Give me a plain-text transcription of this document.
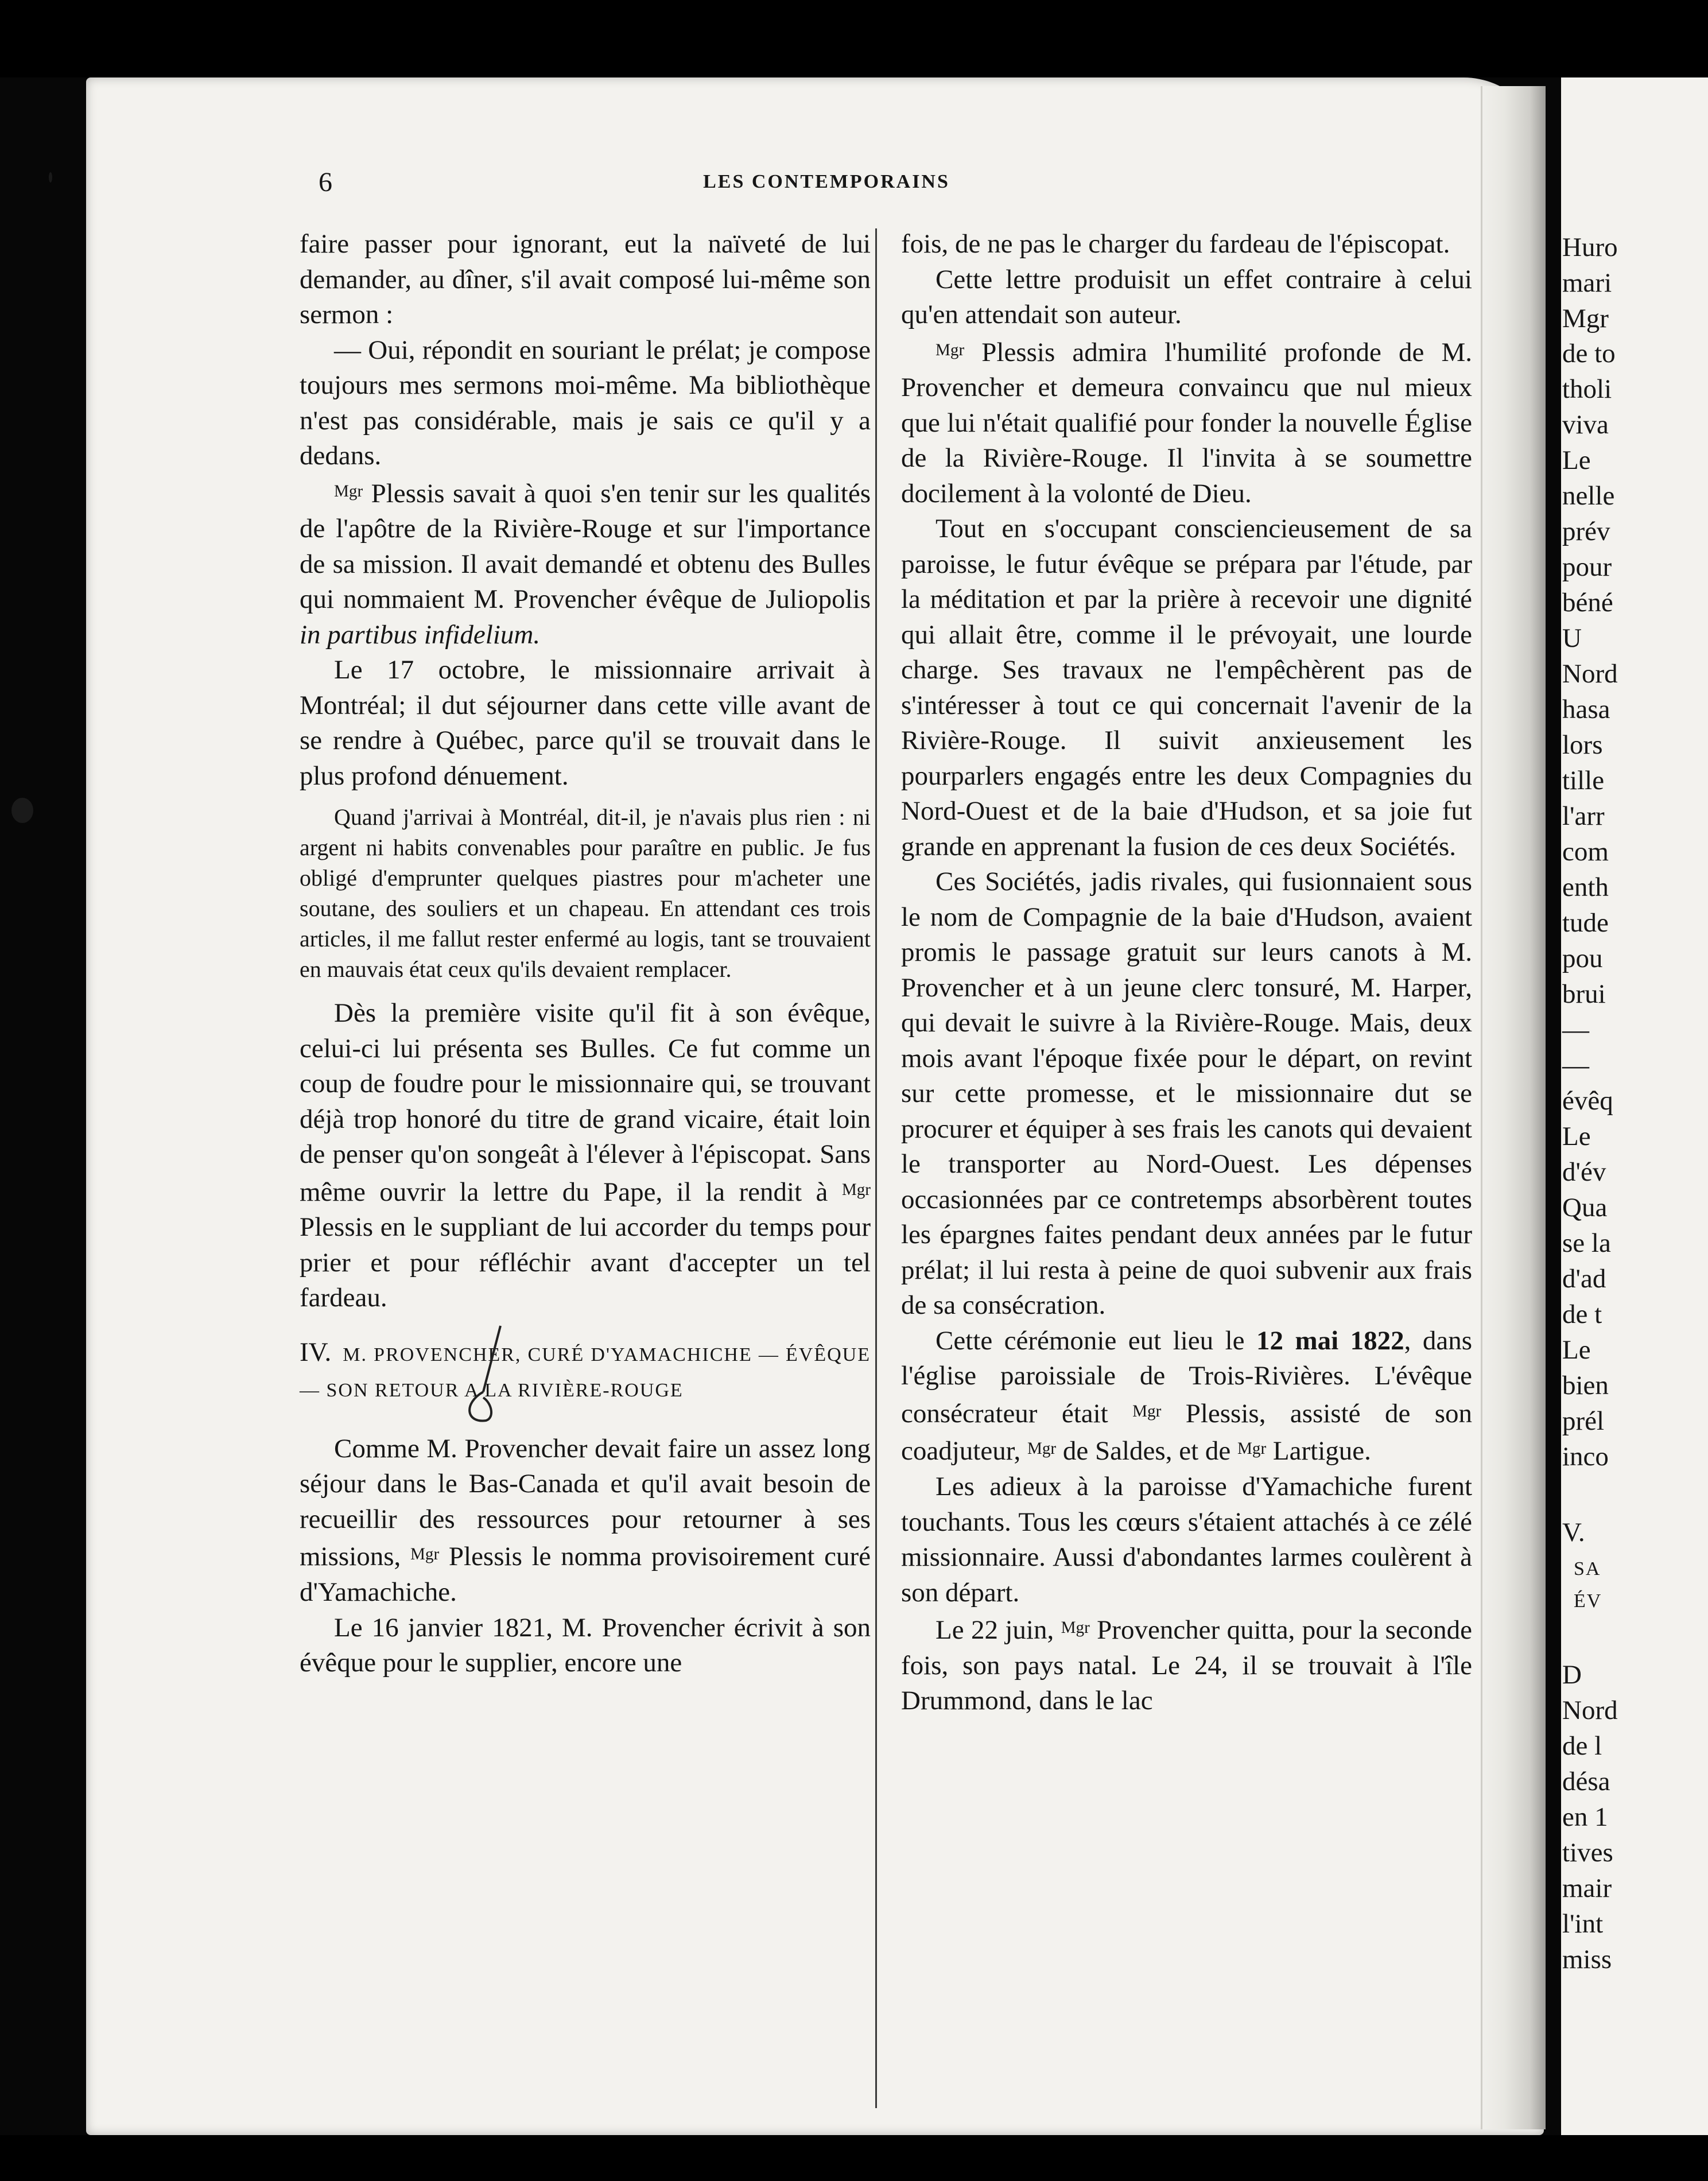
6	LES CONTEMPORAINS

faire passer pour ignorant, eut la naïveté de lui demander, au dîner, s'il avait composé lui-même son sermon :

— Oui, répondit en souriant le prélat; je compose toujours mes sermons moi-même. Ma bibliothèque n'est pas considérable, mais je sais ce qu'il y a dedans.

$^{Mgr}$ Plessis savait à quoi s'en tenir sur les qualités de l'apôtre de la Rivière-Rouge et sur l'importance de sa mission. Il avait demandé et obtenu des Bulles qui nommaient M. Provencher évêque de Juliopolis in partibus infidelium.

Le 17 octobre, le missionnaire arrivait à Montréal; il dut séjourner dans cette ville avant de se rendre à Québec, parce qu'il se trouvait dans le plus profond dénuement.

Quand j'arrivai à Montréal, dit-il, je n'avais plus rien : ni argent ni habits convenables pour paraître en public. Je fus obligé d'emprunter quelques piastres pour m'acheter une soutane, des souliers et un chapeau. En attendant ces trois articles, il me fallut rester enfermé au logis, tant se trouvaient en mauvais état ceux qu'ils devaient remplacer.

Dès la première visite qu'il fit à son évêque, celui-ci lui présenta ses Bulles. Ce fut comme un coup de foudre pour le missionnaire qui, se trouvant déjà trop honoré du titre de grand vicaire, était loin de penser qu'on songeât à l'élever à l'épiscopat. Sans même ouvrir la lettre du Pape, il la rendit à $^{Mgr}$ Plessis en le suppliant de lui accorder du temps pour prier et pour réfléchir avant d'accepter un tel fardeau.

IV. M. PROVENCHER, CURÉ D'YAMACHICHE — ÉVÊQUE — SON RETOUR A LA RIVIÈRE-ROUGE

Comme M. Provencher devait faire un assez long séjour dans le Bas-Canada et qu'il avait besoin de recueillir des ressources pour retourner à ses missions, $^{Mgr}$ Plessis le nomma provisoirement curé d'Yamachiche.

Le 16 janvier 1821, M. Provencher écrivit à son évêque pour le supplier, encore une

fois, de ne pas le charger du fardeau de l'épiscopat.

Cette lettre produisit un effet contraire à celui qu'en attendait son auteur.

$^{Mgr}$ Plessis admira l'humilité profonde de M. Provencher et demeura convaincu que nul mieux que lui n'était qualifié pour fonder la nouvelle Église de la Rivière-Rouge. Il l'invita à se soumettre docilement à la volonté de Dieu.

Tout en s'occupant consciencieusement de sa paroisse, le futur évêque se prépara par l'étude, par la méditation et par la prière à recevoir une dignité qui allait être, comme il le prévoyait, une lourde charge. Ses travaux ne l'empêchèrent pas de s'intéresser à tout ce qui concernait l'avenir de la Rivière-Rouge. Il suivit anxieusement les pourparlers engagés entre les deux Compagnies du Nord-Ouest et de la baie d'Hudson, et sa joie fut grande en apprenant la fusion de ces deux Sociétés.

Ces Sociétés, jadis rivales, qui fusionnaient sous le nom de Compagnie de la baie d'Hudson, avaient promis le passage gratuit sur leurs canots à M. Provencher et à un jeune clerc tonsuré, M. Harper, qui devait le suivre à la Rivière-Rouge. Mais, deux mois avant l'époque fixée pour le départ, on revint sur cette promesse, et le missionnaire dut se procurer et équiper à ses frais les canots qui devaient le transporter au Nord-Ouest. Les dépenses occasionnées par ce contretemps absorbèrent toutes les épargnes faites pendant deux années par le futur prélat; il lui resta à peine de quoi subvenir aux frais de sa consécration.

Cette cérémonie eut lieu le 12 mai 1822, dans l'église paroissiale de Trois-Rivières. L'évêque consécrateur était $^{Mgr}$ Plessis, assisté de son coadjuteur, $^{Mgr}$ de Saldes, et de $^{Mgr}$ Lartigue.

Les adieux à la paroisse d'Yamachiche furent touchants. Tous les cœurs s'étaient attachés à ce zélé missionnaire. Aussi d'abondantes larmes coulèrent à son départ.

Le 22 juin, $^{Mgr}$ Provencher quitta, pour la seconde fois, son pays natal. Le 24, il se trouvait à l'île Drummond, dans le lac

Huro

mari

Mgr

de to

tholi

viva

Le

nelle

prév

pour

béné

U

Nord

hasa

lors

tille

l'arr

com

enth

tude

pou

brui

—

—

évêq

Le

d'év

Qua

se la

d'ad

de t

Le

bien

prél

inco

V.

SA

ÉV

D

Nord

de l

désa

en 1

tives

mair

l'int

miss
